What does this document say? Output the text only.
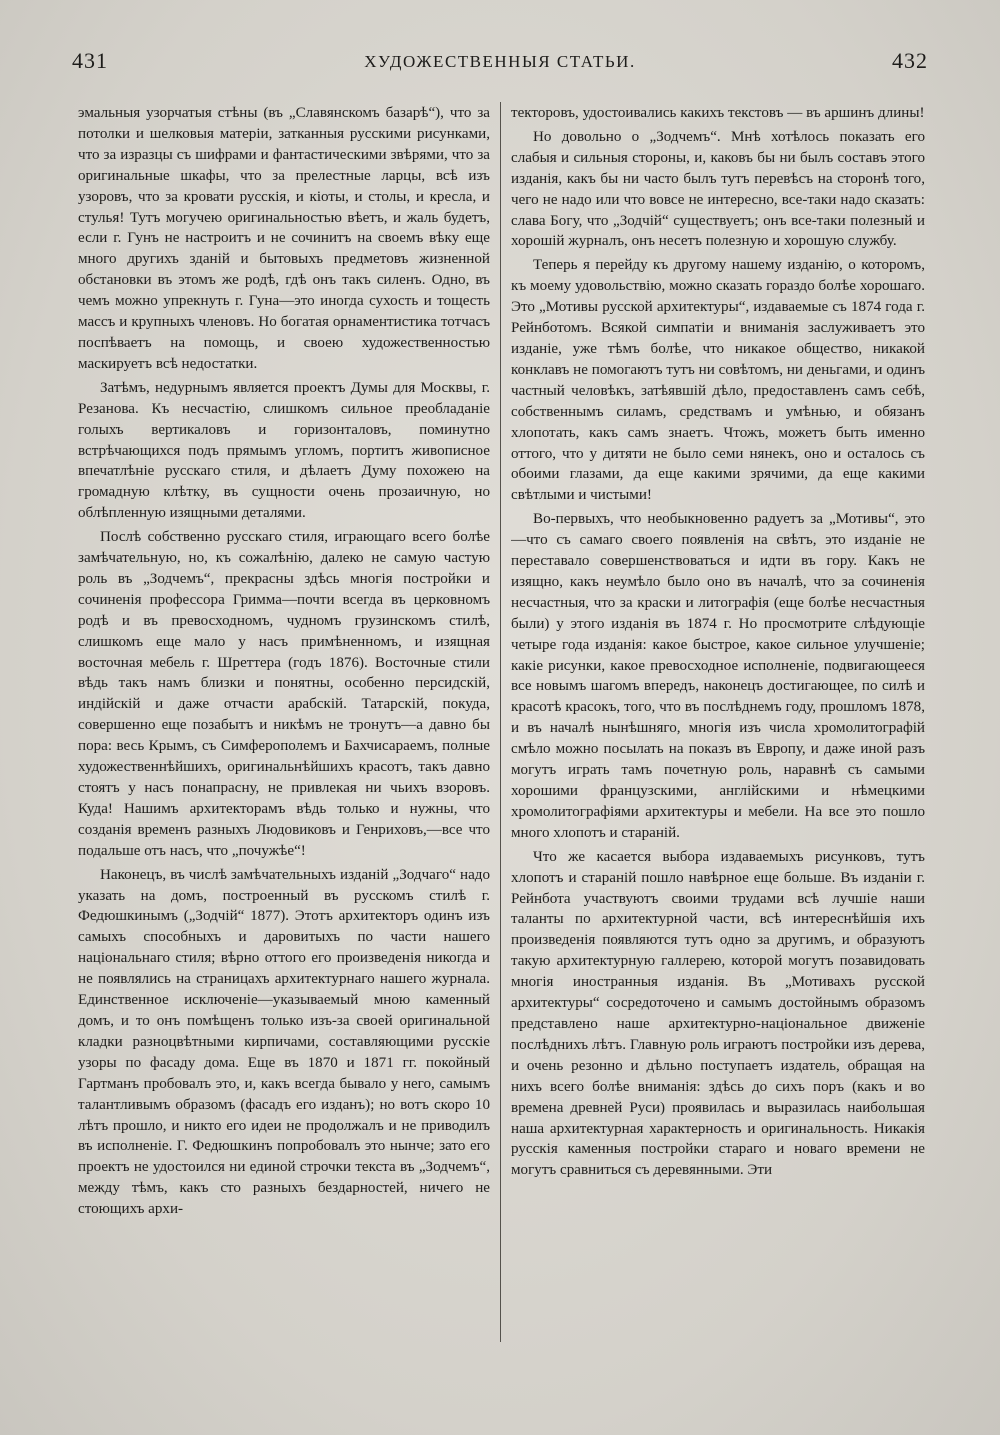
431	ХУДОЖЕСТВЕННЫЯ СТАТЬИ.	432

эмальныя узорчатыя стѣны (въ „Славянскомъ базарѣ“), что за потолки и шелковыя матеріи, затканныя русскими рисунками, что за изразцы съ шифрами и фантастическими звѣрями, что за оригинальные шкафы, что за прелестные ларцы, всѣ изъ узоровъ, что за кровати русскія, и кіоты, и столы, и кресла, и стулья! Тутъ могучею оригинальностью вѣетъ, и жаль будетъ, если г. Гунъ не настроитъ и не сочинитъ на своемъ вѣку еще много другихъ зданій и бытовыхъ предметовъ жизненной обстановки въ этомъ же родѣ, гдѣ онъ такъ силенъ. Одно, въ чемъ можно упрекнуть г. Гуна—это иногда сухость и тощесть массъ и крупныхъ членовъ. Но богатая орнаментистика тотчасъ поспѣваетъ на помощь, и своею художественностью маскируетъ всѣ недостатки.

Затѣмъ, недурнымъ является проектъ Думы для Москвы, г. Резанова. Къ несчастію, слишкомъ сильное преобладаніе голыхъ вертикаловъ и горизонталовъ, поминутно встрѣчающихся подъ прямымъ угломъ, портитъ живописное впечатлѣніе русскаго стиля, и дѣлаетъ Думу похожею на громадную клѣтку, въ сущности очень прозаичную, но облѣпленную изящными деталями.

Послѣ собственно русскаго стиля, играющаго всего болѣе замѣчательную, но, къ сожалѣнію, далеко не самую частую роль въ „Зодчемъ“, прекрасны здѣсь многія постройки и сочиненія профессора Гримма—почти всегда въ церковномъ родѣ и въ превосходномъ, чудномъ грузинскомъ стилѣ, слишкомъ еще мало у насъ примѣненномъ, и изящная восточная мебель г. Шреттера (годъ 1876). Восточные стили вѣдь такъ намъ близки и понятны, особенно персидскій, индійскій и даже отчасти арабскій. Татарскій, покуда, совершенно еще позабытъ и никѣмъ не тронутъ—а давно бы пора: весь Крымъ, съ Симферополемъ и Бахчисараемъ, полные художественнѣйшихъ, оригинальнѣйшихъ красотъ, такъ давно стоятъ у насъ понапрасну, не привлекая ни чьихъ взоровъ. Куда! Нашимъ архитекторамъ вѣдь только и нужны, что созданія временъ разныхъ Людовиковъ и Генриховъ,—все что подальше отъ насъ, что „почужѣе“!

Наконецъ, въ числѣ замѣчательныхъ изданій „Зодчаго“ надо указать на домъ, построенный въ русскомъ стилѣ г. Федюшкинымъ („Зодчій“ 1877). Этотъ архитекторъ одинъ изъ самыхъ способныхъ и даровитыхъ по части нашего національнаго стиля; вѣрно оттого его произведенія никогда и не появлялись на страницахъ архитектурнаго нашего журнала. Единственное исключеніе—указываемый мною каменный домъ, и то онъ помѣщенъ только изъ-за своей оригинальной кладки разноцвѣтными кирпичами, составляющими русскіе узоры по фасаду дома. Еще въ 1870 и 1871 гг. покойный Гартманъ пробовалъ это, и, какъ всегда бывало у него, самымъ талантливымъ образомъ (фасадъ его изданъ); но вотъ скоро 10 лѣтъ прошло, и никто его идеи не продолжалъ и не приводилъ въ исполненіе. Г. Федюшкинъ попробовалъ это нынче; зато его проектъ не удостоился ни единой строчки текста въ „Зодчемъ“, между тѣмъ, какъ сто разныхъ бездарностей, ничего не стоющихъ архи-

текторовъ, удостоивались какихъ текстовъ — въ аршинъ длины!

Но довольно о „Зодчемъ“. Мнѣ хотѣлось показать его слабыя и сильныя стороны, и, каковъ бы ни былъ составъ этого изданія, какъ бы ни часто былъ тутъ перевѣсъ на сторонѣ того, чего не надо или что вовсе не интересно, все-таки надо сказать: слава Богу, что „Зодчій“ существуетъ; онъ все-таки полезный и хорошій журналъ, онъ несетъ полезную и хорошую службу.

Теперь я перейду къ другому нашему изданію, о которомъ, къ моему удовольствію, можно сказать гораздо болѣе хорошаго. Это „Мотивы русской архитектуры“, издаваемые съ 1874 года г. Рейнботомъ. Всякой симпатіи и вниманія заслуживаетъ это изданіе, уже тѣмъ болѣе, что никакое общество, никакой конклавъ не помогаютъ тутъ ни совѣтомъ, ни деньгами, и одинъ частный человѣкъ, затѣявшій дѣло, предоставленъ самъ себѣ, собственнымъ силамъ, средствамъ и умѣнью, и обязанъ хлопотать, какъ самъ знаетъ. Чтожъ, можетъ быть именно оттого, что у дитяти не было семи нянекъ, оно и осталось съ обоими глазами, да еще какими зрячими, да еще какими свѣтлыми и чистыми!

Во-первыхъ, что необыкновенно радуетъ за „Мотивы“, это—что съ самаго своего появленія на свѣтъ, это изданіе не переставало совершенствоваться и идти въ гору. Какъ не изящно, какъ неумѣло было оно въ началѣ, что за сочиненія несчастныя, что за краски и литографія (еще болѣе несчастныя были) у этого изданія въ 1874 г. Но просмотрите слѣдующіе четыре года изданія: какое быстрое, какое сильное улучшеніе; какіе рисунки, какое превосходное исполненіе, подвигающееся все новымъ шагомъ впередъ, наконецъ достигающее, по силѣ и красотѣ красокъ, того, что въ послѣднемъ году, прошломъ 1878, и въ началѣ нынѣшняго, многія изъ числа хромолитографій смѣло можно посылать на показъ въ Европу, и даже иной разъ могутъ играть тамъ почетную роль, наравнѣ съ самыми хорошими французскими, англійскими и нѣмецкими хромолитографіями архитектуры и мебели. На все это пошло много хлопотъ и стараній.

Что же касается выбора издаваемыхъ рисунковъ, тутъ хлопотъ и стараній пошло навѣрное еще больше. Въ изданіи г. Рейнбота участвуютъ своими трудами всѣ лучшіе наши таланты по архитектурной части, всѣ интереснѣйшія ихъ произведенія появляются тутъ одно за другимъ, и образуютъ такую архитектурную галлерею, которой могутъ позавидовать многія иностранныя изданія. Въ „Мотивахъ русской архитектуры“ сосредоточено и самымъ достойнымъ образомъ представлено наше архитектурно-національное движеніе послѣднихъ лѣтъ. Главную роль играютъ постройки изъ дерева, и очень резонно и дѣльно поступаетъ издатель, обращая на нихъ всего болѣе вниманія: здѣсь до сихъ поръ (какъ и во времена древней Руси) проявилась и выразилась наибольшая наша архитектурная характерность и оригинальность. Никакія русскія каменныя постройки стараго и новаго времени не могутъ сравниться съ деревянными. Эти
